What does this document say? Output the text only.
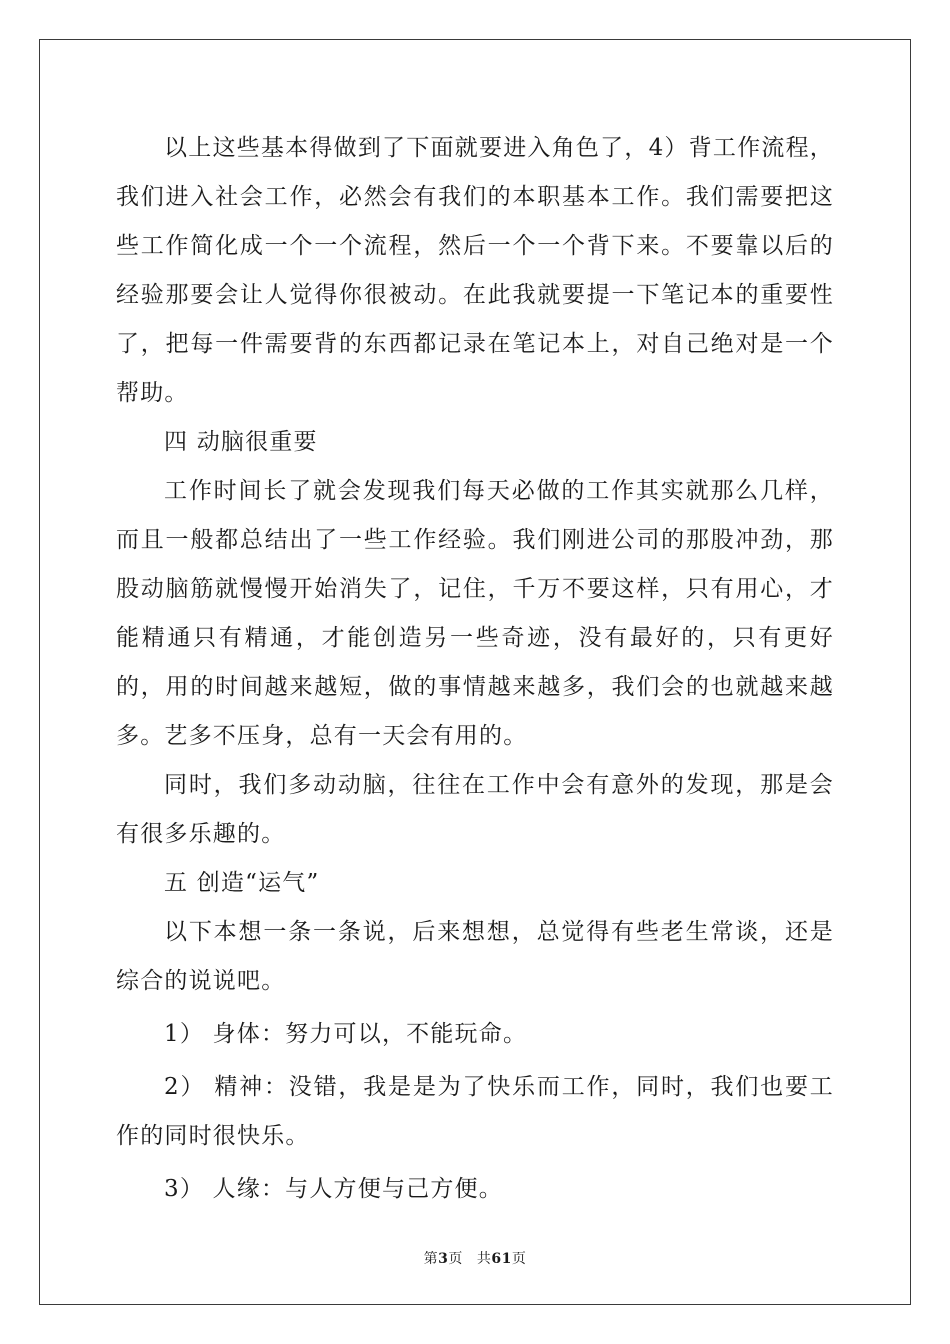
以上这些基本得做到了下面就要进入角色了，4）背工作流程，我们进入社会工作，必然会有我们的本职基本工作。我们需要把这些工作简化成一个一个流程，然后一个一个背下来。不要靠以后的经验那要会让人觉得你很被动。在此我就要提一下笔记本的重要性了，把每一件需要背的东西都记录在笔记本上，对自己绝对是一个帮助。

四 动脑很重要

工作时间长了就会发现我们每天必做的工作其实就那么几样，而且一般都总结出了一些工作经验。我们刚进公司的那股冲劲，那股动脑筋就慢慢开始消失了，记住，千万不要这样，只有用心，才能精通只有精通，才能创造另一些奇迹，没有最好的，只有更好的，用的时间越来越短，做的事情越来越多，我们会的也就越来越多。艺多不压身，总有一天会有用的。

同时，我们多动动脑，往往在工作中会有意外的发现，那是会有很多乐趣的。

五 创造“运气”

以下本想一条一条说，后来想想，总觉得有些老生常谈，还是综合的说说吧。

1） 身体：努力可以，不能玩命。

2） 精神：没错，我是是为了快乐而工作，同时，我们也要工作的同时很快乐。

3） 人缘：与人方便与己方便。

第3页 共61页
